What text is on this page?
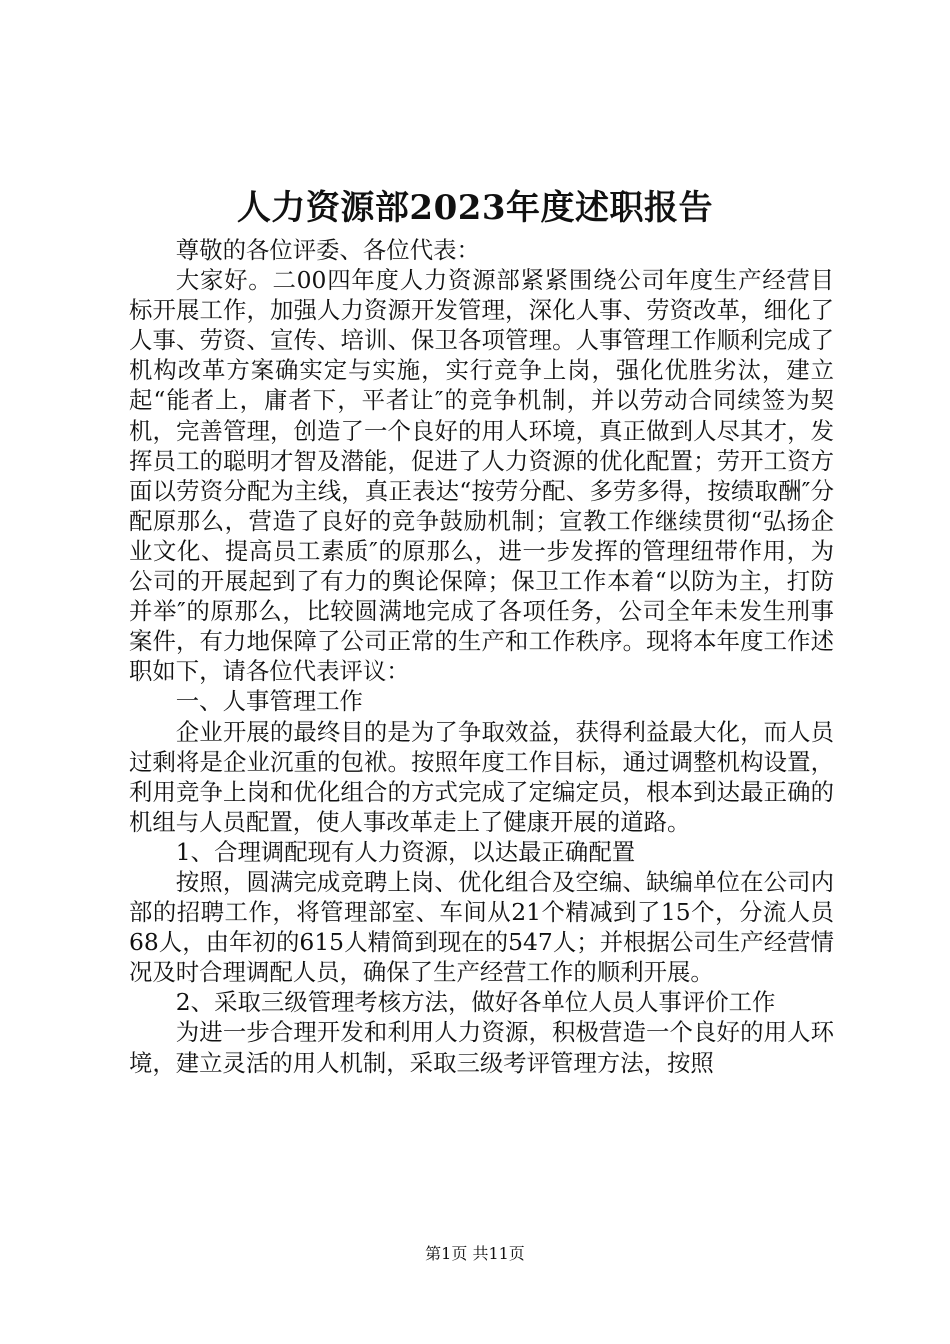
人力资源部2023年度述职报告

尊敬的各位评委、各位代表：

大家好。二00四年度人力资源部紧紧围绕公司年度生产经营目标开展工作，加强人力资源开发管理，深化人事、劳资改革，细化了人事、劳资、宣传、培训、保卫各项管理。人事管理工作顺利完成了机构改革方案确实定与实施，实行竞争上岗，强化优胜劣汰，建立起“能者上，庸者下，平者让″的竞争机制，并以劳动合同续签为契机，完善管理，创造了一个良好的用人环境，真正做到人尽其才，发挥员工的聪明才智及潜能，促进了人力资源的优化配置；劳开工资方面以劳资分配为主线，真正表达“按劳分配、多劳多得，按绩取酬″分配原那么，营造了良好的竞争鼓励机制；宣教工作继续贯彻“弘扬企业文化、提高员工素质″的原那么，进一步发挥的管理纽带作用，为公司的开展起到了有力的舆论保障；保卫工作本着“以防为主，打防并举″的原那么，比较圆满地完成了各项任务，公司全年未发生刑事案件，有力地保障了公司正常的生产和工作秩序。现将本年度工作述职如下，请各位代表评议：

一、人事管理工作

企业开展的最终目的是为了争取效益，获得利益最大化，而人员过剩将是企业沉重的包袱。按照年度工作目标，通过调整机构设置，利用竞争上岗和优化组合的方式完成了定编定员，根本到达最正确的机组与人员配置，使人事改革走上了健康开展的道路。

1、合理调配现有人力资源，以达最正确配置

按照，圆满完成竞聘上岗、优化组合及空编、缺编单位在公司内部的招聘工作，将管理部室、车间从21个精减到了15个，分流人员68人，由年初的615人精简到现在的547人；并根据公司生产经营情况及时合理调配人员，确保了生产经营工作的顺利开展。

2、采取三级管理考核方法，做好各单位人员人事评价工作

为进一步合理开发和利用人力资源，积极营造一个良好的用人环境，建立灵活的用人机制，采取三级考评管理方法，按照

第1页 共11页
